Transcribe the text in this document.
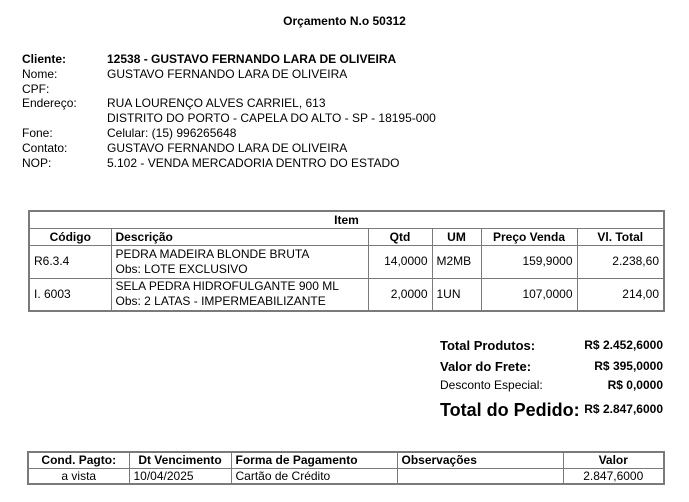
Orçamento N.o 50312
Cliente:	12538 - GUSTAVO FERNANDO LARA DE OLIVEIRA
Nome:	GUSTAVO FERNANDO LARA DE OLIVEIRA
CPF:
Endereço:	RUA LOURENÇO ALVES CARRIEL, 613
DISTRITO DO PORTO - CAPELA DO ALTO - SP - 18195-000
Fone:	Celular: (15) 996265648
Contato:	GUSTAVO FERNANDO LARA DE OLIVEIRA
NOP:	5.102 - VENDA MERCADORIA DENTRO DO ESTADO
Item					
Código	Descrição	Qtd	UM	Preço Venda	Vl. Total
R6.3.4	PEDRA MADEIRA BLONDE BRUTA
Obs: LOTE EXCLUSIVO	14,0000	M2MB	159,9000	2.238,60
I. 6003	SELA PEDRA HIDROFULGANTE 900 ML
Obs: 2 LATAS - IMPERMEABILIZANTE	2,0000	1UN	107,0000	214,00
Total Produtos:	R$ 2.452,6000
Valor do Frete:	R$ 395,0000
Desconto Especial:	R$ 0,0000
Total do Pedido: R$ 2.847,6000
Cond. Pagto:	Dt Vencimento	Forma de Pagamento	Observações	Valor
a vista	10/04/2025	Cartão de Crédito		2.847,6000
